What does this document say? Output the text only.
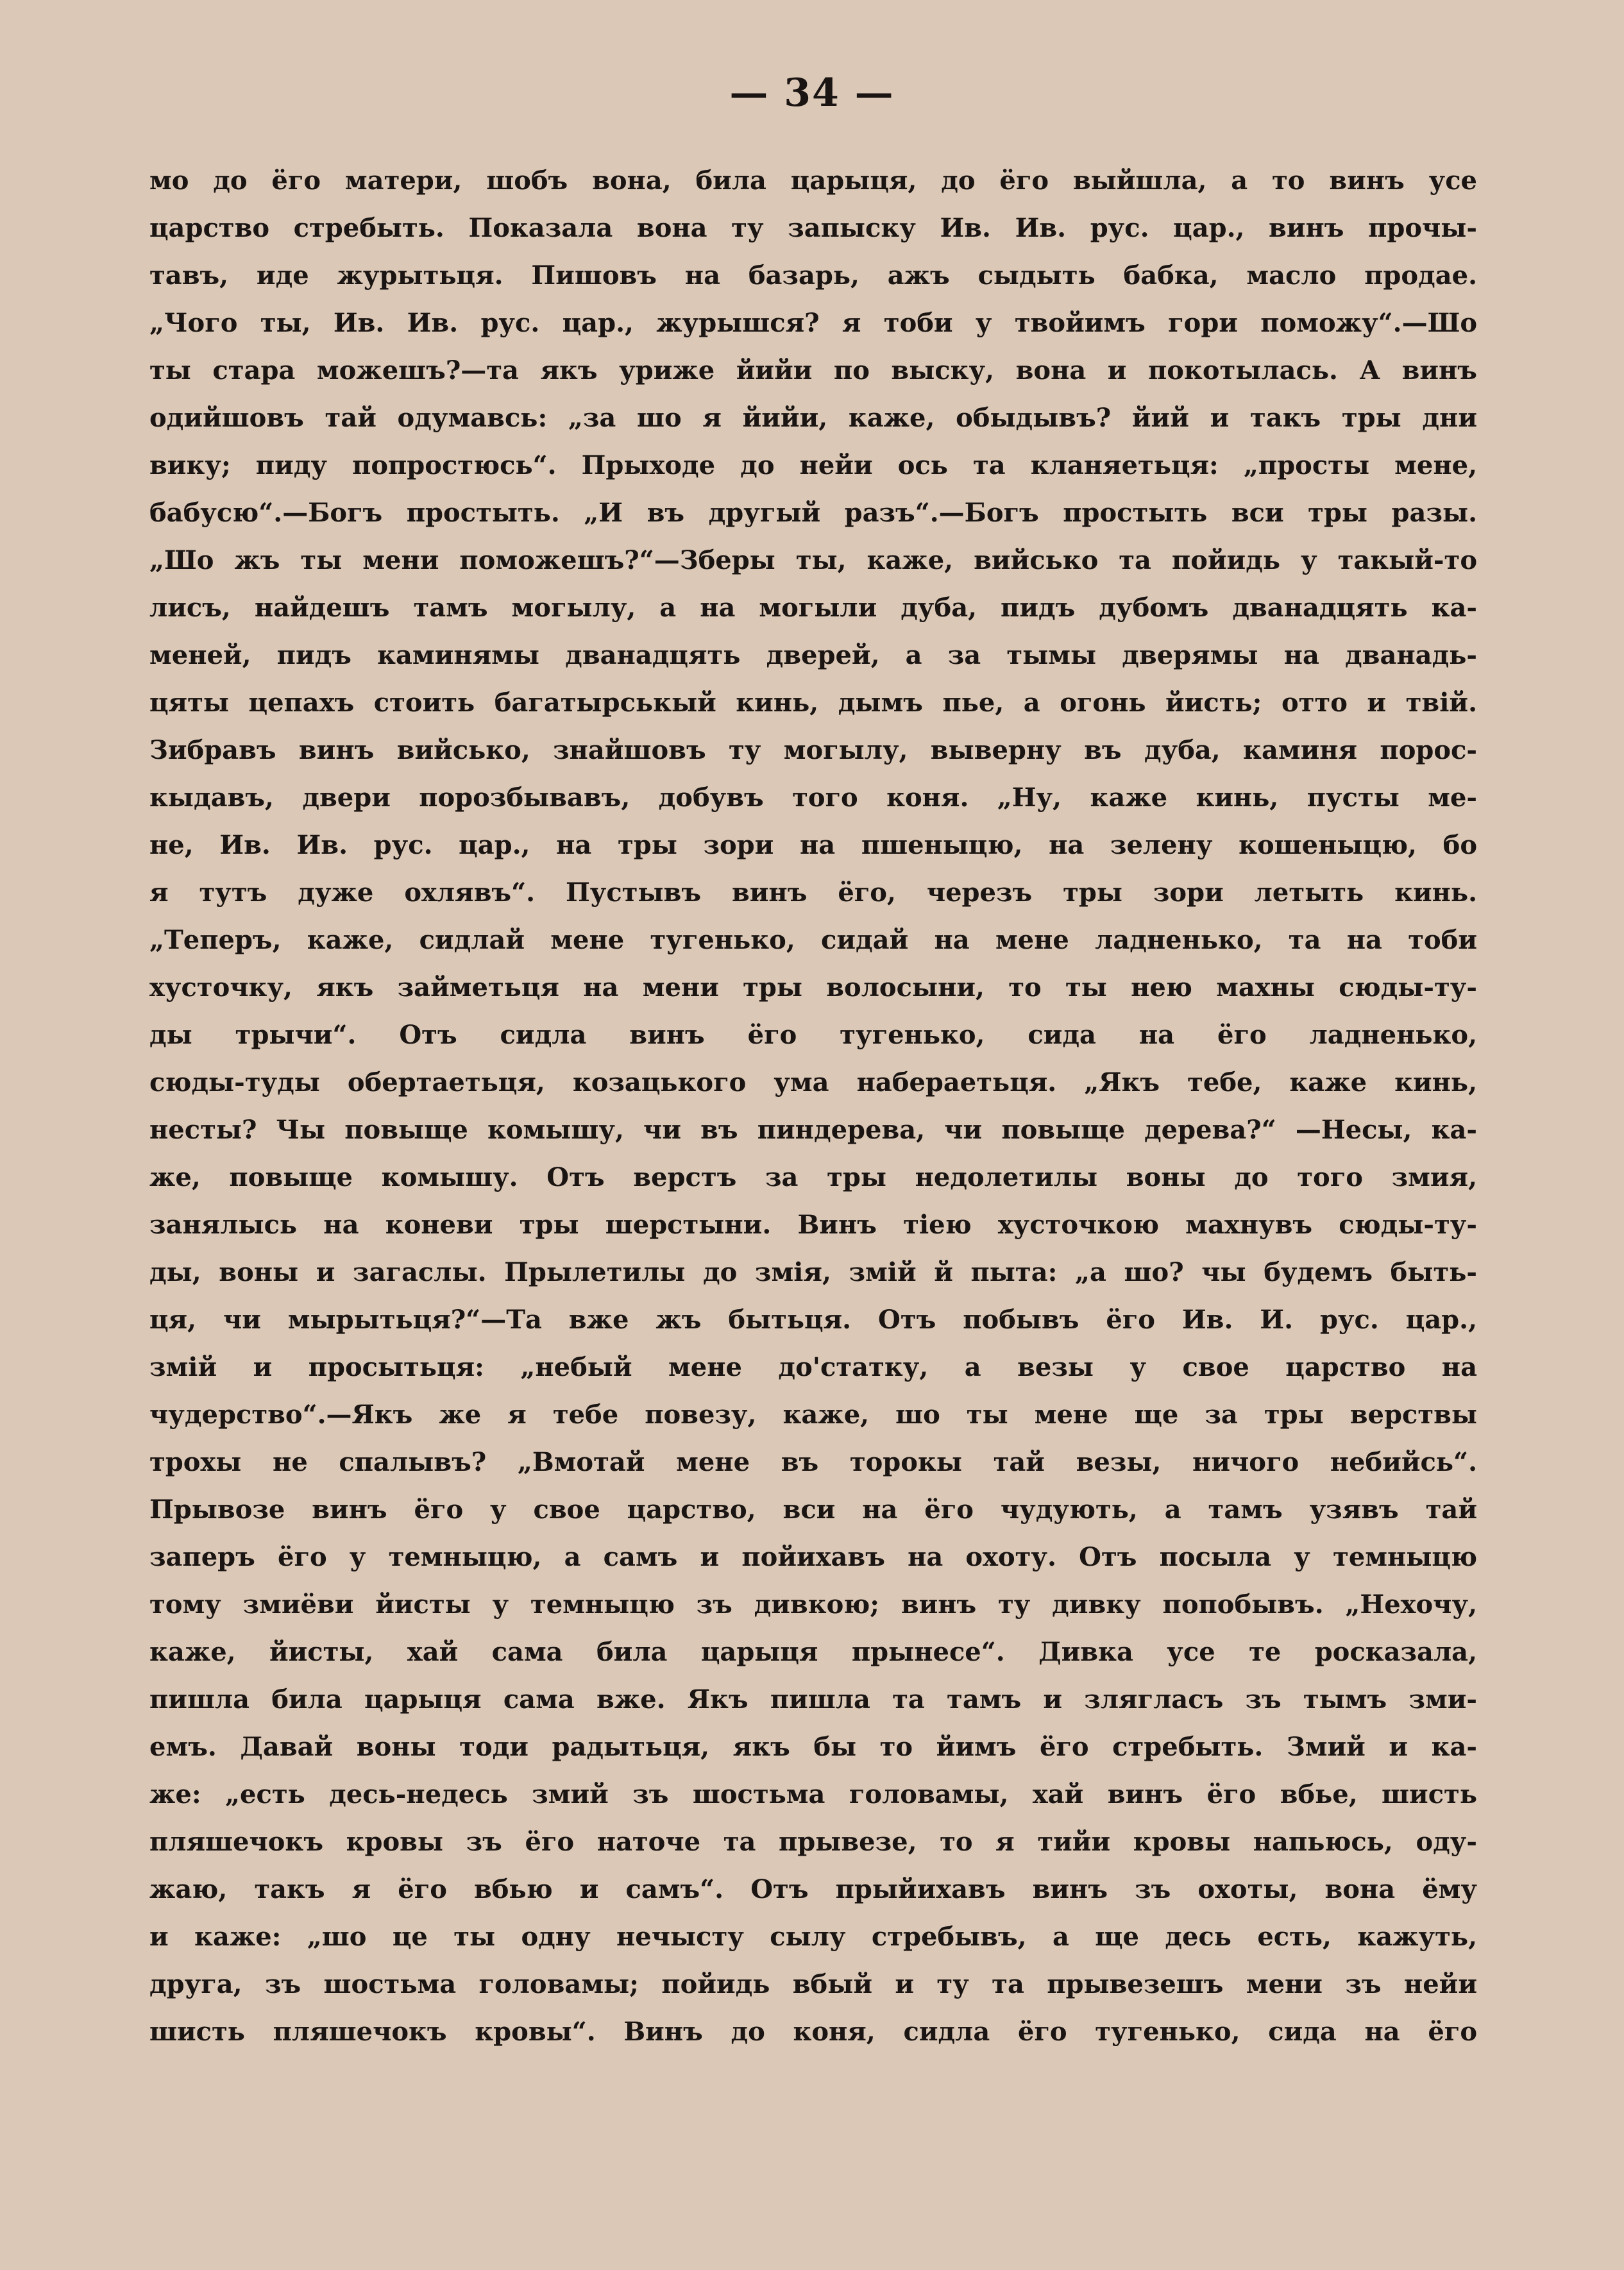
— 34 —
мо до ёго матери, шобъ вона, била царыця, до ёго выйшла, а то винъ усе
царство стребыть. Показала вона ту запыску Ив. Ив. рус. цар., винъ прочы-
тавъ, иде журытьця. Пишовъ на базарь, ажъ сыдыть бабка, масло продае.
„Чого ты, Ив. Ив. рус. цар., журышся? я тоби у твойимъ гори поможу“.—Шо
ты стара можешъ?—та якъ уриже йийи по выску, вона и покотылась. А винъ
одийшовъ тай одумавсь: „за шо я йийи, каже, обыдывъ? йий и такъ тры дни
вику; пиду попростюсь“. Прыходе до нейи ось та кланяетьця: „просты мене,
бабусю“.—Богъ простыть. „И въ другый разъ“.—Богъ простыть вси тры разы.
„Шо жъ ты мени поможешъ?“—Зберы ты, каже, вийсько та пойидь у такый-то
лисъ, найдешъ тамъ могылу, а на могыли дуба, пидъ дубомъ дванадцять ка-
меней, пидъ каминямы дванадцять дверей, а за тымы дверямы на дванадь-
цяты цепахъ стоить багатырськый кинь, дымъ пье, а огонь йисть; отто и твій.
Зибравъ винъ вийсько, знайшовъ ту могылу, выверну въ дуба, каминя порос-
кыдавъ, двери порозбывавъ, добувъ того коня. „Ну, каже кинь, пусты ме-
не, Ив. Ив. рус. цар., на тры зори на пшеныцю, на зелену кошеныцю, бо
я тутъ дуже охлявъ“. Пустывъ винъ ёго, черезъ тры зори летыть кинь.
„Теперъ, каже, сидлай мене тугенько, сидай на мене ладненько, та на тоби
хусточку, якъ займетьця на мени тры волосыни, то ты нею махны сюды-ту-
ды трычи“. Отъ сидла винъ ёго тугенько, сида на ёго ладненько,
сюды-туды обертаетьця, козацького ума набераетьця. „Якъ тебе, каже кинь,
несты? Чы повыще комышу, чи въ пиндерева, чи повыще дерева?“ —Несы, ка-
же, повыще комышу. Отъ верстъ за тры недолетилы воны до того змия,
занялысь на коневи тры шерстыни. Винъ тіею хусточкою махнувъ сюды-ту-
ды, воны и загаслы. Прылетилы до змія, змій й пыта: „а шо? чы будемъ быть-
ця, чи мырытьця?“—Та вже жъ бытьця. Отъ побывъ ёго Ив. И. рус. цар.,
змій и просытьця: „небый мене до'статку, а везы у свое царство на
чудерство“.—Якъ же я тебе повезу, каже, шо ты мене ще за тры верствы
трохы не спалывъ? „Вмотай мене въ торокы тай везы, ничого небийсь“.
Прывозе винъ ёго у свое царство, вси на ёго чудують, а тамъ узявъ тай
заперъ ёго у темныцю, а самъ и пойихавъ на охоту. Отъ посыла у темныцю
тому змиёви йисты у темныцю зъ дивкою; винъ ту дивку попобывъ. „Нехочу,
каже, йисты, хай сама била царыця прынесе“. Дивка усе те росказала,
пишла била царыця сама вже. Якъ пишла та тамъ и злягласъ зъ тымъ зми-
емъ. Давай воны тоди радытьця, якъ бы то йимъ ёго стребыть. Змий и ка-
же: „есть десь-недесь змий зъ шостьма головамы, хай винъ ёго вбье, шисть
пляшечокъ кровы зъ ёго наточе та прывезе, то я тийи кровы напьюсь, оду-
жаю, такъ я ёго вбью и самъ“. Отъ прыйихавъ винъ зъ охоты, вона ёму
и каже: „шо це ты одну нечысту сылу стребывъ, а ще десь есть, кажуть,
друга, зъ шостьма головамы; пойидь вбый и ту та прывезешъ мени зъ нейи
шисть пляшечокъ кровы“. Винъ до коня, сидла ёго тугенько, сида на ёго
